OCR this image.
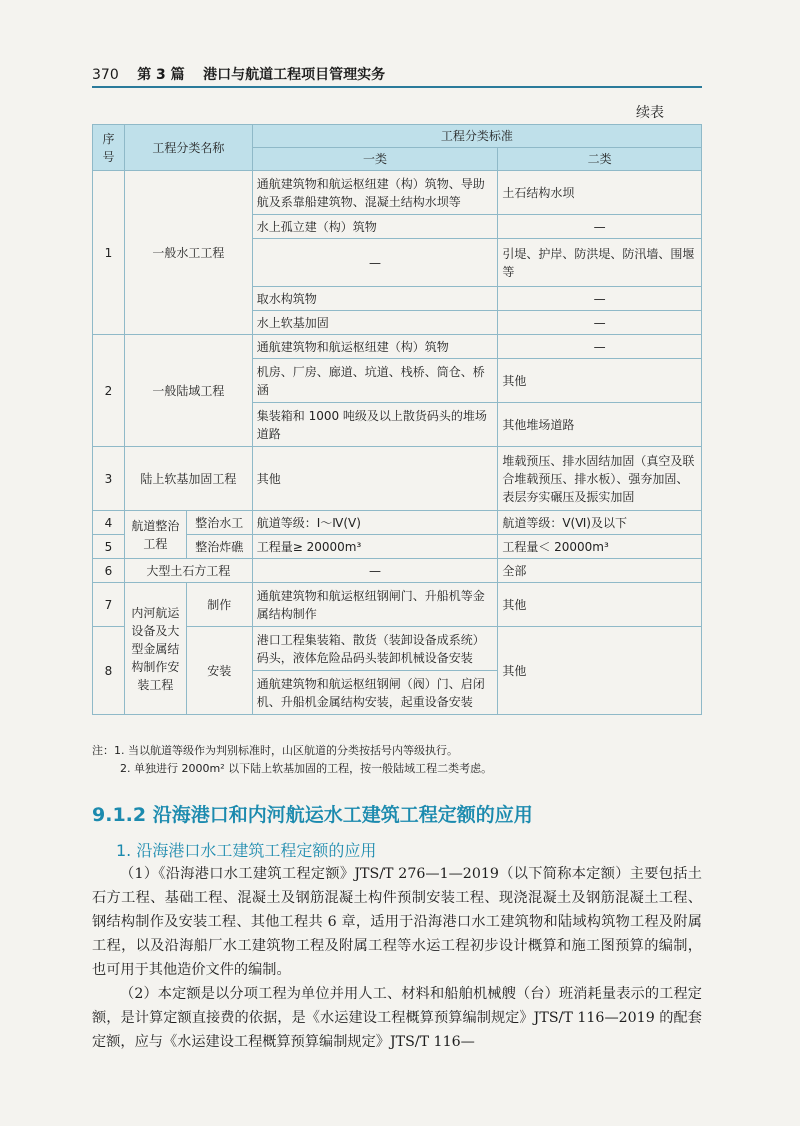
370 第 3 篇 港口与航道工程项目管理实务
续表
序号	工程分类名称		工程分类标准	
			一类	二类
1	一般水工工程		通航建筑物和航运枢纽建（构）筑物、导助航及系靠船建筑物、混凝土结构水坝等	土石结构水坝
			水上孤立建（构）筑物	—
			—	引堤、护岸、防洪堤、防汛墙、围堰等
			取水构筑物	—
			水上软基加固	—
2	一般陆域工程		通航建筑物和航运枢纽建（构）筑物	—
			机房、厂房、廊道、坑道、栈桥、筒仓、桥涵	其他
			集装箱和 1000 吨级及以上散货码头的堆场道路	其他堆场道路
3	陆上软基加固工程		其他	堆载预压、排水固结加固（真空及联合堆载预压、排水板）、强夯加固、表层夯实碾压及振实加固
4	航道整治工程	整治水工	航道等级：Ⅰ～Ⅳ(Ⅴ)	航道等级：Ⅴ(Ⅵ)及以下
5		整治炸礁	工程量≥ 20000m³	工程量＜ 20000m³
6	大型土石方工程		—	全部
7	内河航运设备及大型金属结构制作安装工程	制作	通航建筑物和航运枢纽钢闸门、升船机等金属结构制作	其他
8		安装	港口工程集装箱、散货（装卸设备成系统）码头，液体危险品码头装卸机械设备安装	其他
			通航建筑物和航运枢纽钢闸（阀）门、启闭机、升船机金属结构安装，起重设备安装	
注：1. 当以航道等级作为判别标准时，山区航道的分类按括号内等级执行。
2. 单独进行 2000m² 以下陆上软基加固的工程，按一般陆域工程二类考虑。
9.1.2 沿海港口和内河航运水工建筑工程定额的应用
1. 沿海港口水工建筑工程定额的应用

（1）《沿海港口水工建筑工程定额》JTS/T 276—1—2019（以下简称本定额）主要包括土石方工程、基础工程、混凝土及钢筋混凝土构件预制安装工程、现浇混凝土及钢筋混凝土工程、钢结构制作及安装工程、其他工程共 6 章，适用于沿海港口水工建筑物和陆域构筑物工程及附属工程，以及沿海船厂水工建筑物工程及附属工程等水运工程初步设计概算和施工图预算的编制，也可用于其他造价文件的编制。

（2）本定额是以分项工程为单位并用人工、材料和船舶机械艘（台）班消耗量表示的工程定额，是计算定额直接费的依据，是《水运建设工程概算预算编制规定》JTS/T 116—2019 的配套定额，应与《水运建设工程概算预算编制规定》JTS/T 116—
